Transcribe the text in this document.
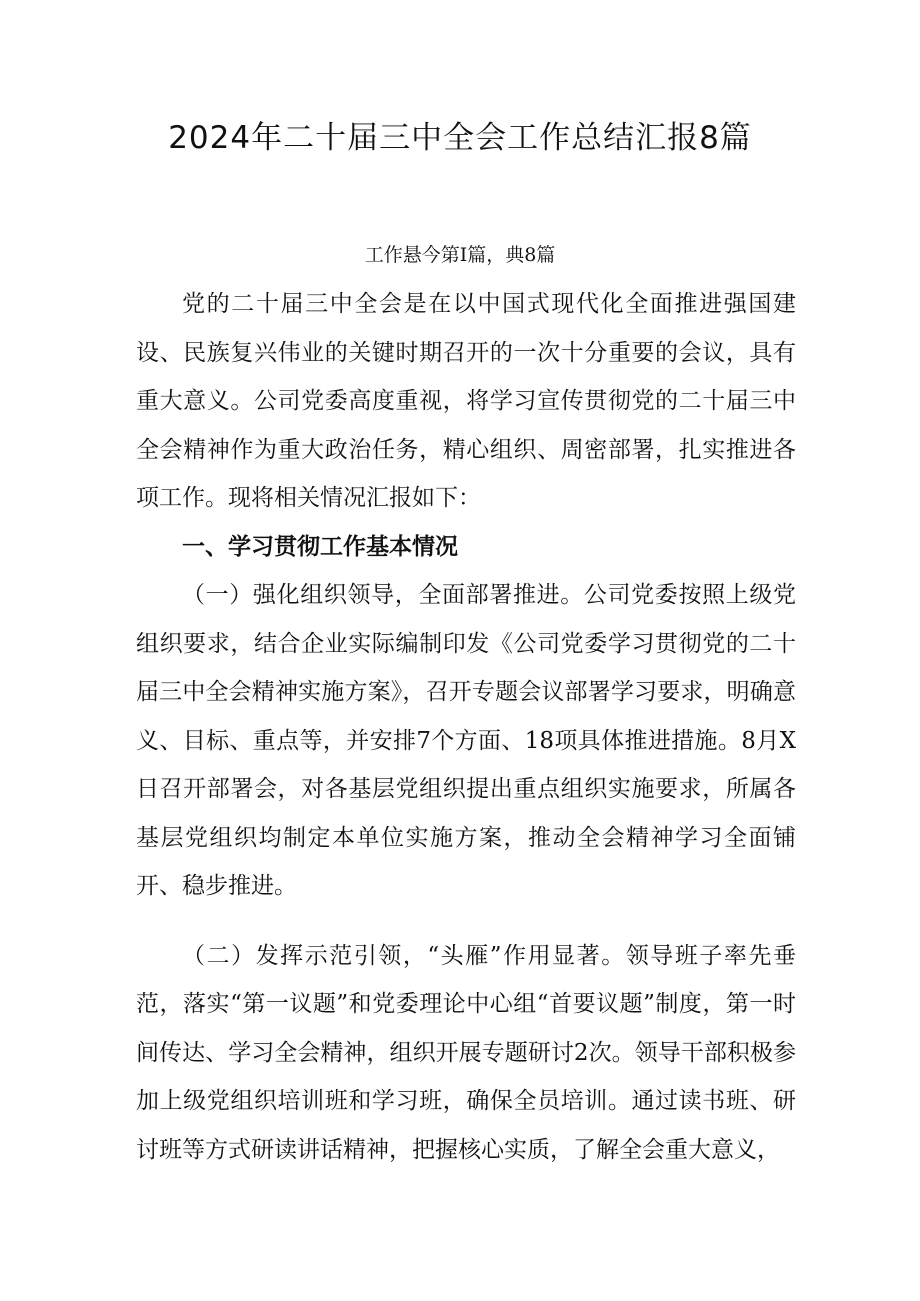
2024年二十届三中全会工作总结汇报8篇

工作悬今第Ⅰ篇，典8篇

党的二十届三中全会是在以中国式现代化全面推进强国建设、民族复兴伟业的关键时期召开的一次十分重要的会议，具有重大意义。公司党委高度重视，将学习宣传贯彻党的二十届三中全会精神作为重大政治任务，精心组织、周密部署，扎实推进各项工作。现将相关情况汇报如下：

一、学习贯彻工作基本情况

（一）强化组织领导，全面部署推进。公司党委按照上级党组织要求，结合企业实际编制印发《公司党委学习贯彻党的二十届三中全会精神实施方案》，召开专题会议部署学习要求，明确意义、目标、重点等，并安排7个方面、18项具体推进措施。8月X日召开部署会，对各基层党组织提出重点组织实施要求，所属各基层党组织均制定本单位实施方案，推动全会精神学习全面铺开、稳步推进。

（二）发挥示范引领，“头雁”作用显著。领导班子率先垂范，落实“第一议题”和党委理论中心组“首要议题”制度，第一时间传达、学习全会精神，组织开展专题研讨2次。领导干部积极参加上级党组织培训班和学习班，确保全员培训。通过读书班、研讨班等方式研读讲话精神，把握核心实质，了解全会重大意义，
